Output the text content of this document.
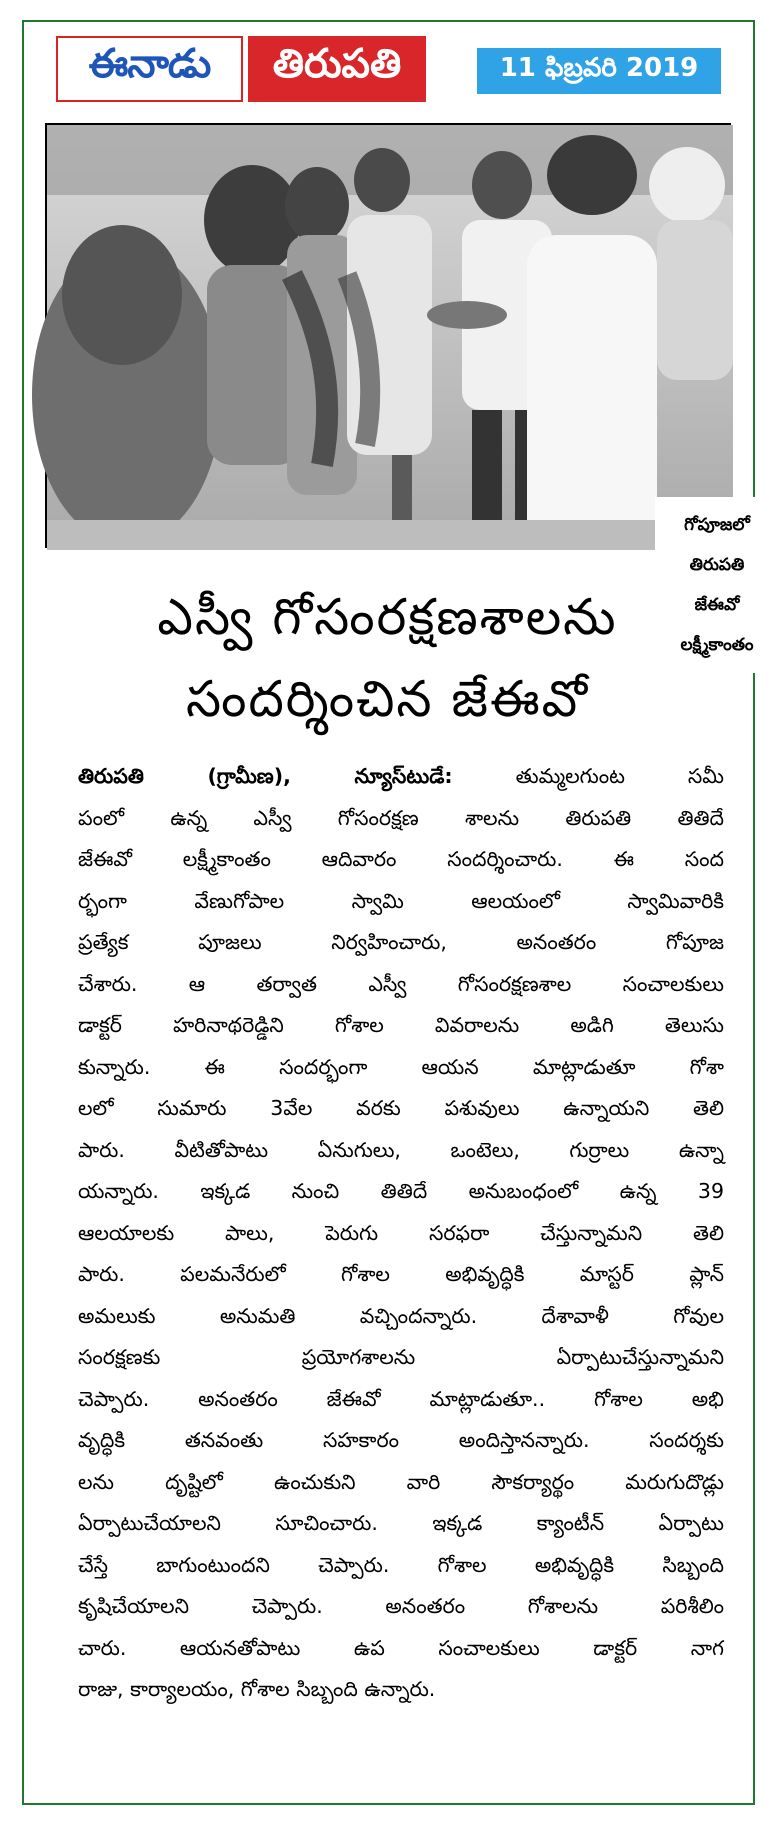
ఈనాడు తిరుపతి	11 ఫిబ్రవరి 2019
గోపూజలో
తిరుపతి
జేఈవో
లక్ష్మీకాంతం
ఎస్వీ గోసంరక్షణశాలను
సందర్శించిన జేఈవో
తిరుపతి (గ్రామీణ), న్యూస్‌టుడే: తుమ్మలగుంట సమీ
పంలో ఉన్న ఎస్వీ గోసంరక్షణ శాలను తిరుపతి తితిదే
జేఈవో లక్ష్మీకాంతం ఆదివారం సందర్శించారు. ఈ సంద
ర్భంగా వేణుగోపాల స్వామి ఆలయంలో స్వామివారికి
ప్రత్యేక పూజలు నిర్వహించారు, అనంతరం గోపూజ
చేశారు. ఆ తర్వాత ఎస్వీ గోసంరక్షణశాల సంచాలకులు
డాక్టర్ హరినాథరెడ్డిని గోశాల వివరాలను అడిగి తెలుసు
కున్నారు. ఈ సందర్భంగా ఆయన మాట్లాడుతూ గోశా
లలో సుమారు 3వేల వరకు పశువులు ఉన్నాయని తెలి
పారు. వీటితోపాటు ఏనుగులు, ఒంటెలు, గుర్రాలు ఉన్నా
యన్నారు. ఇక్కడ నుంచి తితిదే అనుబంధంలో ఉన్న 39
ఆలయాలకు పాలు, పెరుగు సరఫరా చేస్తున్నామని తెలి
పారు. పలమనేరులో గోశాల అభివృద్ధికి మాస్టర్ ప్లాన్
అమలుకు అనుమతి వచ్చిందన్నారు. దేశావాళీ గోవుల
సంరక్షణకు ప్రయోగశాలను ఏర్పాటుచేస్తున్నామని
చెప్పారు. అనంతరం జేఈవో మాట్లాడుతూ.. గోశాల అభి
వృద్ధికి తనవంతు సహకారం అందిస్తానన్నారు. సందర్శకు
లను దృష్టిలో ఉంచుకుని వారి సౌకర్యార్థం మరుగుదొడ్లు
ఏర్పాటుచేయాలని సూచించారు. ఇక్కడ క్యాంటీన్ ఏర్పాటు
చేస్తే బాగుంటుందని చెప్పారు. గోశాల అభివృద్ధికి సిబ్బంది
కృషిచేయాలని చెప్పారు. అనంతరం గోశాలను పరిశీలిం
చారు. ఆయనతోపాటు ఉప సంచాలకులు డాక్టర్ నాగ
రాజు, కార్యాలయం, గోశాల సిబ్బంది ఉన్నారు.
